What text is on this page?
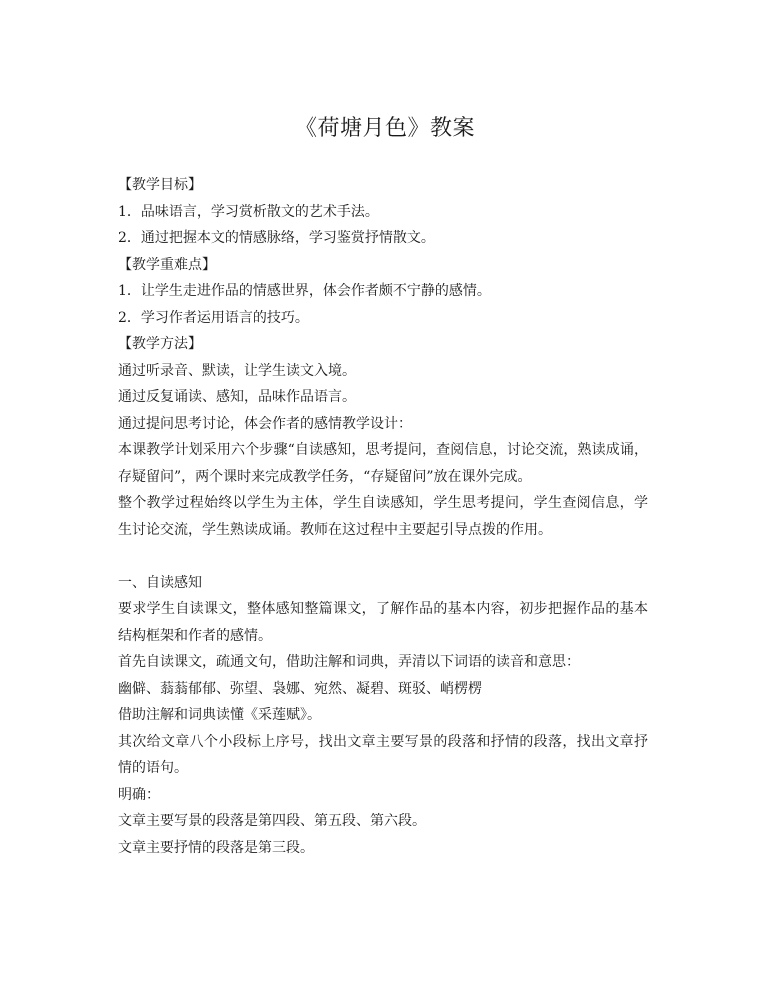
《荷塘月色》教案

【教学目标】

1．品味语言，学习赏析散文的艺术手法。

2．通过把握本文的情感脉络，学习鉴赏抒情散文。

【教学重难点】

1．让学生走进作品的情感世界，体会作者颇不宁静的感情。

2．学习作者运用语言的技巧。

【教学方法】

通过听录音、默读，让学生读文入境。

通过反复诵读、感知，品味作品语言。

通过提问思考讨论，体会作者的感情教学设计：

本课教学计划采用六个步骤“自读感知，思考提问，查阅信息，讨论交流，熟读成诵，存疑留问”，两个课时来完成教学任务，“存疑留问”放在课外完成。

整个教学过程始终以学生为主体，学生自读感知，学生思考提问，学生查阅信息，学生讨论交流，学生熟读成诵。教师在这过程中主要起引导点拨的作用。

一、自读感知

要求学生自读课文，整体感知整篇课文，了解作品的基本内容，初步把握作品的基本结构框架和作者的感情。

首先自读课文，疏通文句，借助注解和词典，弄清以下词语的读音和意思：

幽僻、蓊蓊郁郁、弥望、袅娜、宛然、凝碧、斑驳、峭楞楞

借助注解和词典读懂《采莲赋》。

其次给文章八个小段标上序号，找出文章主要写景的段落和抒情的段落，找出文章抒情的语句。

明确：

文章主要写景的段落是第四段、第五段、第六段。

文章主要抒情的段落是第三段。
